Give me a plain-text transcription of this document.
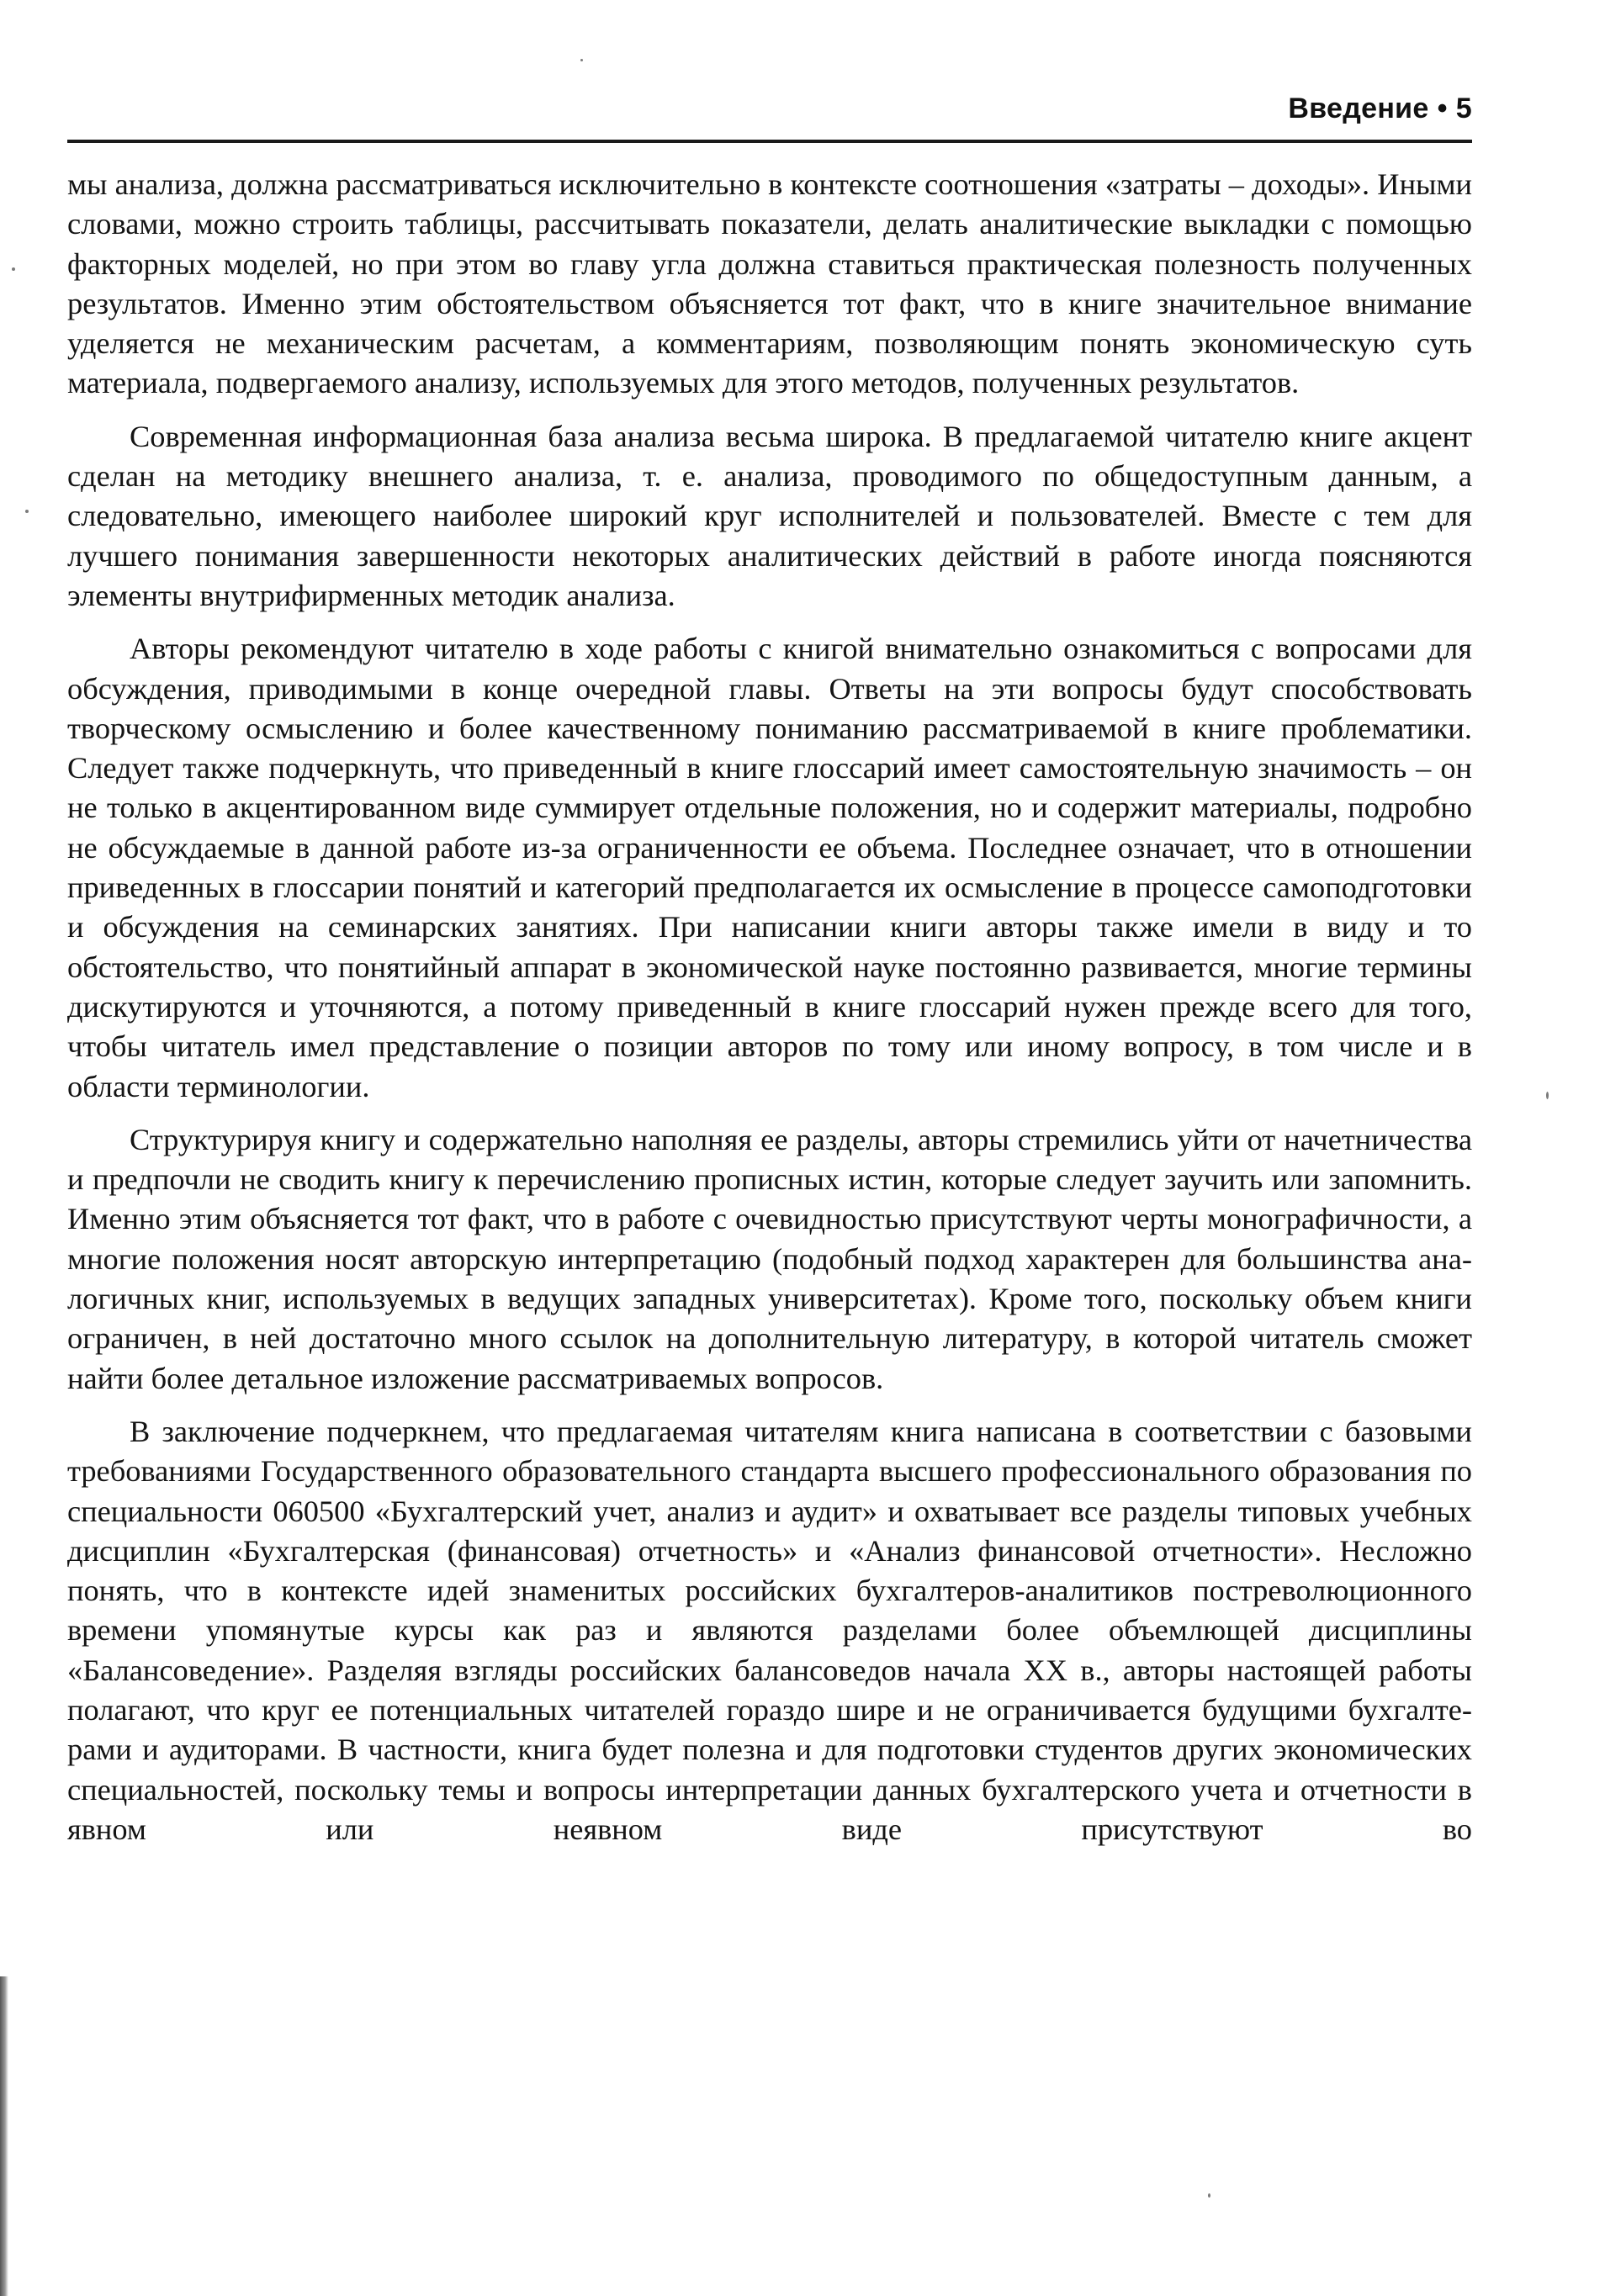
Введение • 5

мы анализа, должна рассматриваться исключительно в контексте соотношения «затраты – доходы». Иными словами, можно строить таблицы, рассчитывать показатели, делать аналитические выкладки с помощью факторных моделей, но при этом во главу угла должна ставиться практическая полезность полученных результатов. Именно этим обстоятельством объясняется тот факт, что в книге значительное внимание уделяется не механическим расчетам, а комментариям, позволяющим понять экономическую суть материала, подвергаемого анализу, используемых для этого методов, полученных результатов.

Современная информационная база анализа весьма широка. В предлагаемой читателю книге акцент сделан на методику внешнего анализа, т. е. анализа, проводимого по общедоступным данным, а следовательно, имеющего наиболее широкий круг исполнителей и пользователей. Вместе с тем для лучшего понимания завершенности некоторых аналитических действий в работе иногда поясняются элементы внутрифирменных методик анализа.

Авторы рекомендуют читателю в ходе работы с книгой внимательно ознакомиться с вопросами для обсуждения, приводимыми в конце очередной главы. Ответы на эти вопросы будут способствовать творческому осмыслению и более качественному пониманию рассматриваемой в книге проблематики. Следует также подчеркнуть, что приведенный в книге глоссарий имеет самостоятельную значимость – он не только в акцентированном виде суммирует отдельные положения, но и содержит материалы, подробно не обсуждаемые в данной работе из-за ограниченности ее объема. Последнее означает, что в отношении приведенных в глоссарии понятий и категорий предполагается их осмысление в процессе самоподготовки и обсуждения на семинарских занятиях. При написании книги авторы также имели в виду и то обстоятельство, что понятийный аппарат в экономической науке постоянно развивается, многие термины дискутируются и уточняются, а потому приведенный в книге глоссарий нужен прежде всего для того, чтобы читатель имел представление о позиции авторов по тому или иному вопросу, в том числе и в области терминологии.

Структурируя книгу и содержательно наполняя ее разделы, авторы стремились уйти от начетничества и предпочли не сводить книгу к перечислению прописных истин, которые следует заучить или запомнить. Именно этим объясняется тот факт, что в работе с очевидностью присутствуют черты монографичности, а многие положения носят авторскую интерпретацию (подобный подход характерен для большинства аналогичных книг, используемых в ведущих западных университетах). Кроме того, поскольку объем книги ограничен, в ней достаточно много ссылок на дополнительную литературу, в которой читатель сможет найти более детальное изложение рассматриваемых вопросов.

В заключение подчеркнем, что предлагаемая читателям книга написана в соответствии с базовыми требованиями Государственного образовательного стандарта высшего профессионального образования по специальности 060500 «Бухгалтерский учет, анализ и аудит» и охватывает все разделы типовых учебных дисциплин «Бухгалтерская (финансовая) отчетность» и «Анализ финансовой отчетности». Несложно понять, что в контексте идей знаменитых российских бухгалтеров-аналитиков постреволюционного времени упомянутые курсы как раз и являются разделами более объемлющей дисциплины «Балансоведение». Разделяя взгляды российских балансоведов начала XX в., авторы настоящей работы полагают, что круг ее потенциальных читателей гораздо шире и не ограничивается будущими бухгалтерами и аудиторами. В частности, книга будет полезна и для подготовки студентов других экономических специальностей, поскольку темы и вопросы интерпретации данных бухгалтерского учета и отчетности в явном или неявном виде присутствуют во
